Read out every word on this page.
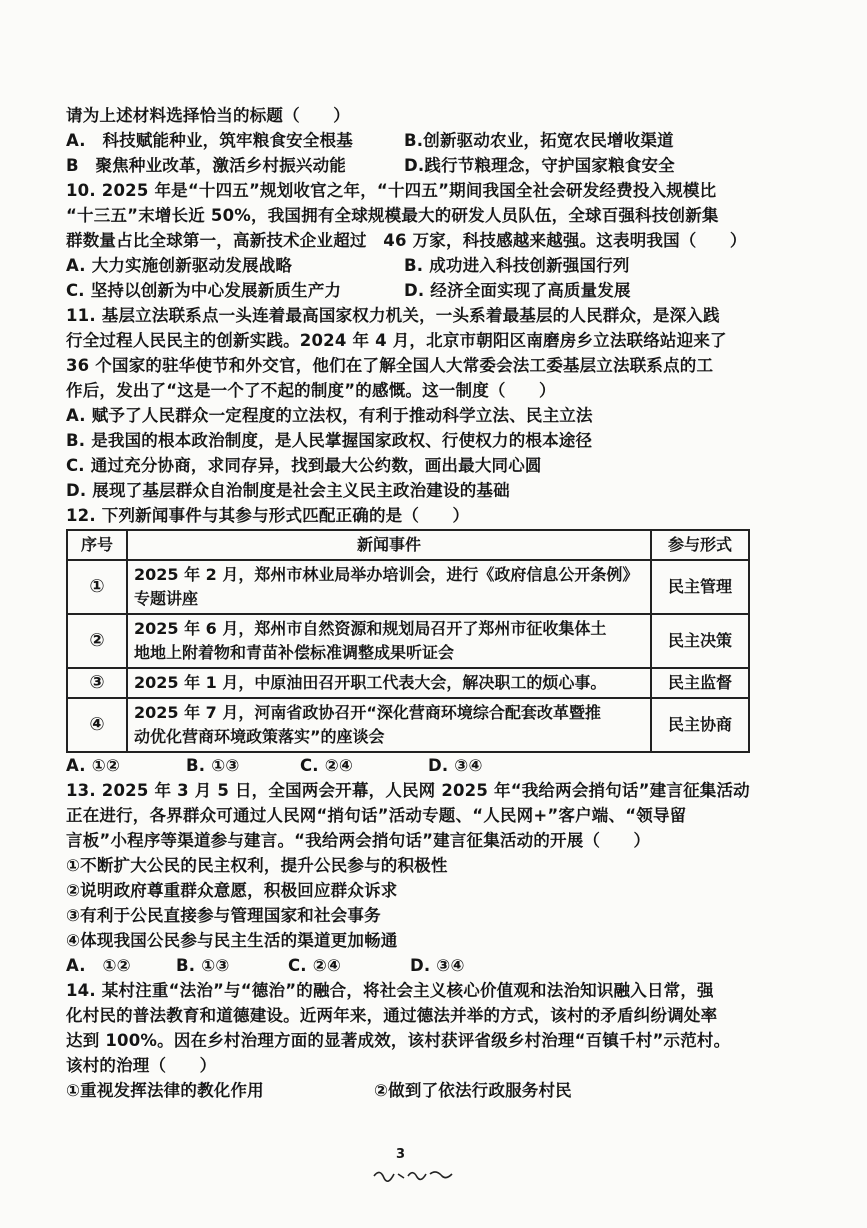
请为上述材料选择恰当的标题（　　）
A.　科技赋能种业，筑牢粮食安全根基	B.创新驱动农业，拓宽农民增收渠道
B　聚焦种业改革，激活乡村振兴动能	D.践行节粮理念，守护国家粮食安全
10. 2025 年是“十四五”规划收官之年，“十四五”期间我国全社会研发经费投入规模比
“十三五”末增长近 50%，我国拥有全球规模最大的研发人员队伍，全球百强科技创新集
群数量占比全球第一，高新技术企业超过　46 万家，科技感越来越强。这表明我国（　　）
A. 大力实施创新驱动发展战略	B. 成功进入科技创新强国行列
C. 坚持以创新为中心发展新质生产力	D. 经济全面实现了高质量发展
11. 基层立法联系点一头连着最高国家权力机关，一头系着最基层的人民群众，是深入践
行全过程人民民主的创新实践。2024 年 4 月，北京市朝阳区南磨房乡立法联络站迎来了
36 个国家的驻华使节和外交官，他们在了解全国人大常委会法工委基层立法联系点的工
作后，发出了“这是一个了不起的制度”的感慨。这一制度（　　）
A. 赋予了人民群众一定程度的立法权，有利于推动科学立法、民主立法
B. 是我国的根本政治制度，是人民掌握国家政权、行使权力的根本途径
C. 通过充分协商，求同存异，找到最大公约数，画出最大同心圆
D. 展现了基层群众自治制度是社会主义民主政治建设的基础
12. 下列新闻事件与其参与形式匹配正确的是（　　）
序号	新闻事件	参与形式
①	2025 年 2 月，郑州市林业局举办培训会，进行《政府信息公开条例》
专题讲座	民主管理
②	2025 年 6 月，郑州市自然资源和规划局召开了郑州市征收集体土
地地上附着物和青苗补偿标准调整成果听证会	民主决策
③	2025 年 1 月，中原油田召开职工代表大会，解决职工的烦心事。	民主监督
④	2025 年 7 月，河南省政协召开“深化营商环境综合配套改革暨推
动优化营商环境政策落实”的座谈会	民主协商
A. ①②	B. ①③	C. ②④	D. ③④
13. 2025 年 3 月 5 日，全国两会开幕，人民网 2025 年“我给两会捎句话”建言征集活动
正在进行，各界群众可通过人民网“捎句话”活动专题、“人民网+”客户端、“领导留
言板”小程序等渠道参与建言。“我给两会捎句话”建言征集活动的开展（　　）
①不断扩大公民的民主权利，提升公民参与的积极性
②说明政府尊重群众意愿，积极回应群众诉求
③有利于公民直接参与管理国家和社会事务
④体现我国公民参与民主生活的渠道更加畅通
A.　①②	B. ①③	C. ②④	D. ③④
14. 某村注重“法治”与“德治”的融合，将社会主义核心价值观和法治知识融入日常，强
化村民的普法教育和道德建设。近两年来，通过德法并举的方式，该村的矛盾纠纷调处率
达到 100%。因在乡村治理方面的显著成效，该村获评省级乡村治理“百镇千村”示范村。
该村的治理（　　）
①重视发挥法律的教化作用	②做到了依法行政服务村民
3
